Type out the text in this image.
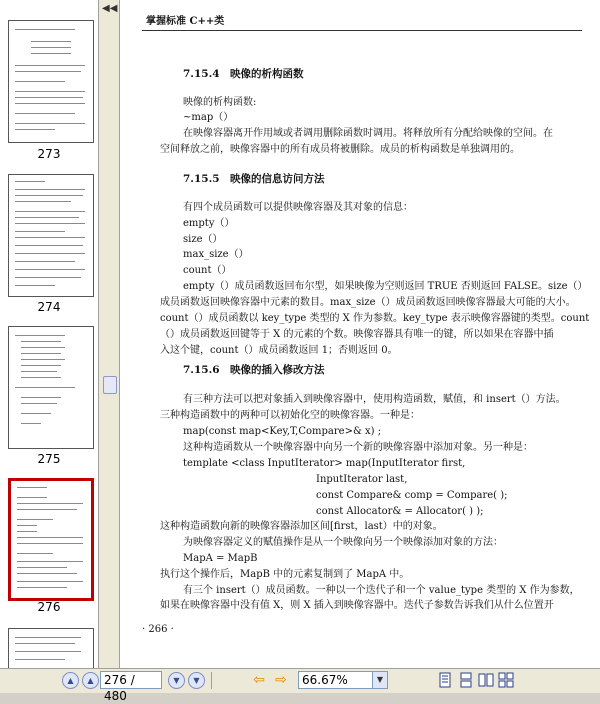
273
274
275
276
◀◀
掌握标准 C++类
7.15.4　映像的析构函数
映像的析构函数:
~map（）
在映像容器离开作用域或者调用删除函数时调用。将释放所有分配给映像的空间。在
空间释放之前，映像容器中的所有成员将被删除。成员的析构函数是单独调用的。
7.15.5　映像的信息访问方法
有四个成员函数可以提供映像容器及其对象的信息：
empty（）
size（）
max_size（）
count（）
empty（）成员函数返回布尔型，如果映像为空则返回 TRUE 否则返回 FALSE。size（）
成员函数返回映像容器中元素的数目。max_size（）成员函数返回映像容器最大可能的大小。
count（）成员函数以 key_type 类型的 X 作为参数。key_type 表示映像容器键的类型。count
（）成员函数返回键等于 X 的元素的个数。映像容器具有唯一的键，所以如果在容器中插
入这个键，count（）成员函数返回 1；否则返回 0。
7.15.6　映像的插入修改方法
有三种方法可以把对象插入到映像容器中，使用构造函数，赋值，和 insert（）方法。
三种构造函数中的两种可以初始化空的映像容器。一种是：
map(const map<Key,T,Compare>& x) ;
这种构造函数从一个映像容器中向另一个新的映像容器中添加对象。另一种是：
template <class InputIterator> map(InputIterator first,
InputIterator last,
const Compare& comp = Compare( );
const Allocator& = Allocator( ) );
这种构造函数向新的映像容器添加区间[first，last）中的对象。
为映像容器定义的赋值操作是从一个映像向另一个映像添加对象的方法：
MapA = MapB
执行这个操作后，MapB 中的元素复制到了 MapA 中。
有三个 insert（）成员函数。一种以一个迭代子和一个 value_type 类型的 X 作为参数，
如果在映像容器中没有值 X，则 X 插入到映像容器中。迭代子参数告诉我们从什么位置开
· 266 ·
▲	▲ 276 / 480
▼	▼	⇦ ⇨	66.67%	▼
